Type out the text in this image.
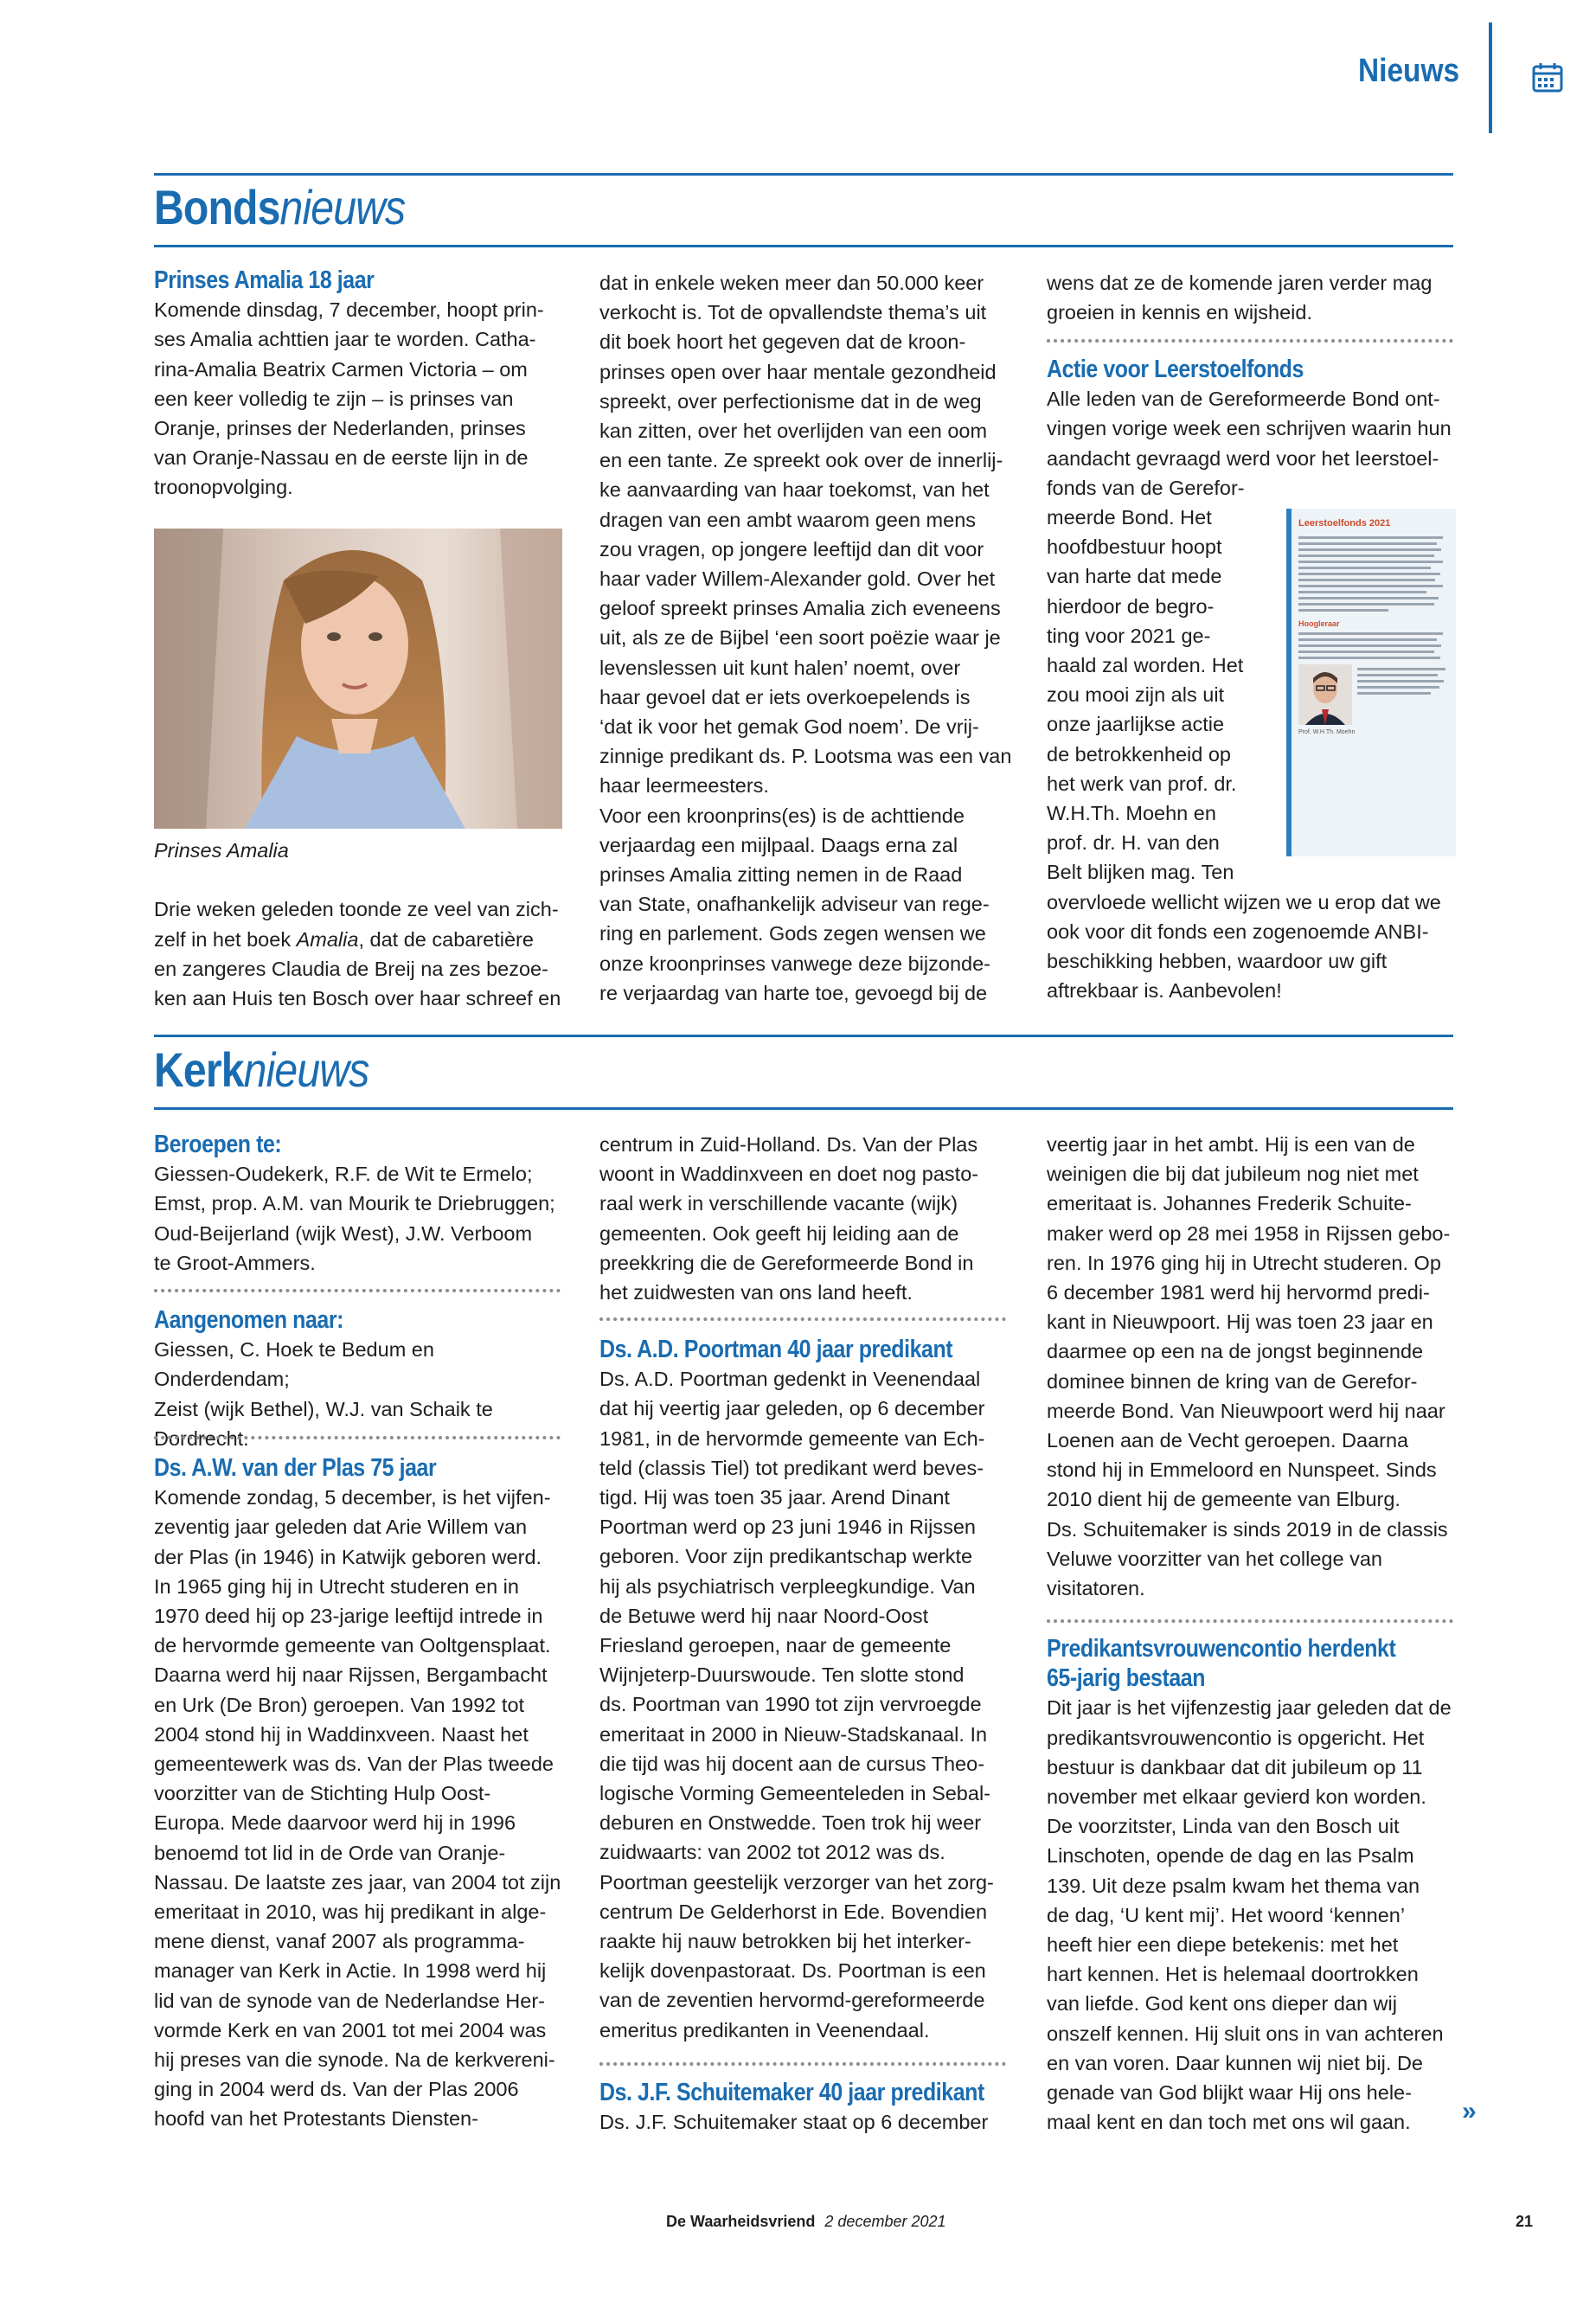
Nieuws
Bondsnieuws
Prinses Amalia 18 jaar

Komende dinsdag, 7 december, hoopt prin-

ses Amalia achttien jaar te worden. Catha-

rina-Amalia Beatrix Carmen Victoria – om

een keer volledig te zijn – is prinses van

Oranje, prinses der Nederlanden, prinses

van Oranje-Nassau en de eerste lijn in de

troonopvolging.

Prinses Amalia

Drie weken geleden toonde ze veel van zich-

zelf in het boek Amalia, dat de cabaretière

en zangeres Claudia de Breij na zes bezoe-

ken aan Huis ten Bosch over haar schreef en

dat in enkele weken meer dan 50.000 keer

verkocht is. Tot de opvallendste thema’s uit

dit boek hoort het gegeven dat de kroon-

prinses open over haar mentale gezondheid

spreekt, over perfectionisme dat in de weg

kan zitten, over het overlijden van een oom

en een tante. Ze spreekt ook over de innerlij-

ke aanvaarding van haar toekomst, van het

dragen van een ambt waarom geen mens

zou vragen, op jongere leeftijd dan dit voor

haar vader Willem-Alexander gold. Over het

geloof spreekt prinses Amalia zich eveneens

uit, als ze de Bijbel ‘een soort poëzie waar je

levenslessen uit kunt halen’ noemt, over

haar gevoel dat er iets overkoepelends is

‘dat ik voor het gemak God noem’. De vrij-

zinnige predikant ds. P. Lootsma was een van

haar leermeesters.

Voor een kroonprins(es) is de achttiende

verjaardag een mijlpaal. Daags erna zal

prinses Amalia zitting nemen in de Raad

van State, onafhankelijk adviseur van rege-

ring en parlement. Gods zegen wensen we

onze kroonprinses vanwege deze bijzonde-

re verjaardag van harte toe, gevoegd bij de

wens dat ze de komende jaren verder mag

groeien in kennis en wijsheid.

Actie voor Leerstoelfonds

Alle leden van de Gereformeerde Bond ont-

vingen vorige week een schrijven waarin hun

aandacht gevraagd werd voor het leerstoel-

fonds van de Gerefor-

meerde Bond. Het

hoofdbestuur hoopt

van harte dat mede

hierdoor de begro-

ting voor 2021 ge-

haald zal worden. Het

zou mooi zijn als uit

onze jaarlijkse actie

de betrokkenheid op

het werk van prof. dr.

W.H.Th. Moehn en

prof. dr. H. van den

Belt blijken mag. Ten

overvloede wellicht wijzen we u erop dat we

ook voor dit fonds een zogenoemde ANBI-

beschikking hebben, waardoor uw gift

aftrekbaar is. Aanbevolen!

Leerstoelfonds 2021
Hoogleraar
Prof. W.H.Th. Moehn
Kerknieuws
Beroepen te:

Giessen-Oudekerk, R.F. de Wit te Ermelo;

Emst, prop. A.M. van Mourik te Driebruggen;

Oud-Beijerland (wijk West), J.W. Verboom

te Groot-Ammers.

Aangenomen naar:

Giessen, C. Hoek te Bedum en Onderdendam;

Zeist (wijk Bethel), W.J. van Schaik te

Dordrecht.

Ds. A.W. van der Plas 75 jaar

Komende zondag, 5 december, is het vijfen-

zeventig jaar geleden dat Arie Willem van

der Plas (in 1946) in Katwijk geboren werd.

In 1965 ging hij in Utrecht studeren en in

1970 deed hij op 23-jarige leeftijd intrede in

de hervormde gemeente van Ooltgensplaat.

Daarna werd hij naar Rijssen, Bergambacht

en Urk (De Bron) geroepen. Van 1992 tot

2004 stond hij in Waddinxveen. Naast het

gemeentewerk was ds. Van der Plas tweede

voorzitter van de Stichting Hulp Oost-

Europa. Mede daarvoor werd hij in 1996

benoemd tot lid in de Orde van Oranje-

Nassau. De laatste zes jaar, van 2004 tot zijn

emeritaat in 2010, was hij predikant in alge-

mene dienst, vanaf 2007 als programma-

manager van Kerk in Actie. In 1998 werd hij

lid van de synode van de Nederlandse Her-

vormde Kerk en van 2001 tot mei 2004 was

hij preses van die synode. Na de kerkvereni-

ging in 2004 werd ds. Van der Plas 2006

hoofd van het Protestants Diensten-

centrum in Zuid-Holland. Ds. Van der Plas

woont in Waddinxveen en doet nog pasto-

raal werk in verschillende vacante (wijk)

gemeenten. Ook geeft hij leiding aan de

preekkring die de Gereformeerde Bond in

het zuidwesten van ons land heeft.

Ds. A.D. Poortman 40 jaar predikant

Ds. A.D. Poortman gedenkt in Veenendaal

dat hij veertig jaar geleden, op 6 december

1981, in de hervormde gemeente van Ech-

teld (classis Tiel) tot predikant werd beves-

tigd. Hij was toen 35 jaar. Arend Dinant

Poortman werd op 23 juni 1946 in Rijssen

geboren. Voor zijn predikantschap werkte

hij als psychiatrisch verpleegkundige. Van

de Betuwe werd hij naar Noord-Oost

Friesland geroepen, naar de gemeente

Wijnjeterp-Duurswoude. Ten slotte stond

ds. Poortman van 1990 tot zijn vervroegde

emeritaat in 2000 in Nieuw-Stadskanaal. In

die tijd was hij docent aan de cursus Theo-

logische Vorming Gemeenteleden in Sebal-

deburen en Onstwedde. Toen trok hij weer

zuidwaarts: van 2002 tot 2012 was ds.

Poortman geestelijk verzorger van het zorg-

centrum De Gelderhorst in Ede. Bovendien

raakte hij nauw betrokken bij het interker-

kelijk dovenpastoraat. Ds. Poortman is een

van de zeventien hervormd-gereformeerde

emeritus predikanten in Veenendaal.

Ds. J.F. Schuitemaker 40 jaar predikant

Ds. J.F. Schuitemaker staat op 6 december

veertig jaar in het ambt. Hij is een van de

weinigen die bij dat jubileum nog niet met

emeritaat is. Johannes Frederik Schuite-

maker werd op 28 mei 1958 in Rijssen gebo-

ren. In 1976 ging hij in Utrecht studeren. Op

6 december 1981 werd hij hervormd predi-

kant in Nieuwpoort. Hij was toen 23 jaar en

daarmee op een na de jongst beginnende

dominee binnen de kring van de Gerefor-

meerde Bond. Van Nieuwpoort werd hij naar

Loenen aan de Vecht geroepen. Daarna

stond hij in Emmeloord en Nunspeet. Sinds

2010 dient hij de gemeente van Elburg.

Ds. Schuitemaker is sinds 2019 in de classis

Veluwe voorzitter van het college van

visitatoren.

Predikantsvrouwencontio herdenkt
65-jarig bestaan

Dit jaar is het vijfenzestig jaar geleden dat de

predikantsvrouwencontio is opgericht. Het

bestuur is dankbaar dat dit jubileum op 11

november met elkaar gevierd kon worden.

De voorzitster, Linda van den Bosch uit

Linschoten, opende de dag en las Psalm

139. Uit deze psalm kwam het thema van

de dag, ‘U kent mij’. Het woord ‘kennen’

heeft hier een diepe betekenis: met het

hart kennen. Het is helemaal doortrokken

van liefde. God kent ons dieper dan wij

onszelf kennen. Hij sluit ons in van achteren

en van voren. Daar kunnen wij niet bij. De

genade van God blijkt waar Hij ons hele-

maal kent en dan toch met ons wil gaan.	»
De Waarheidsvriend 2 december 2021	21
